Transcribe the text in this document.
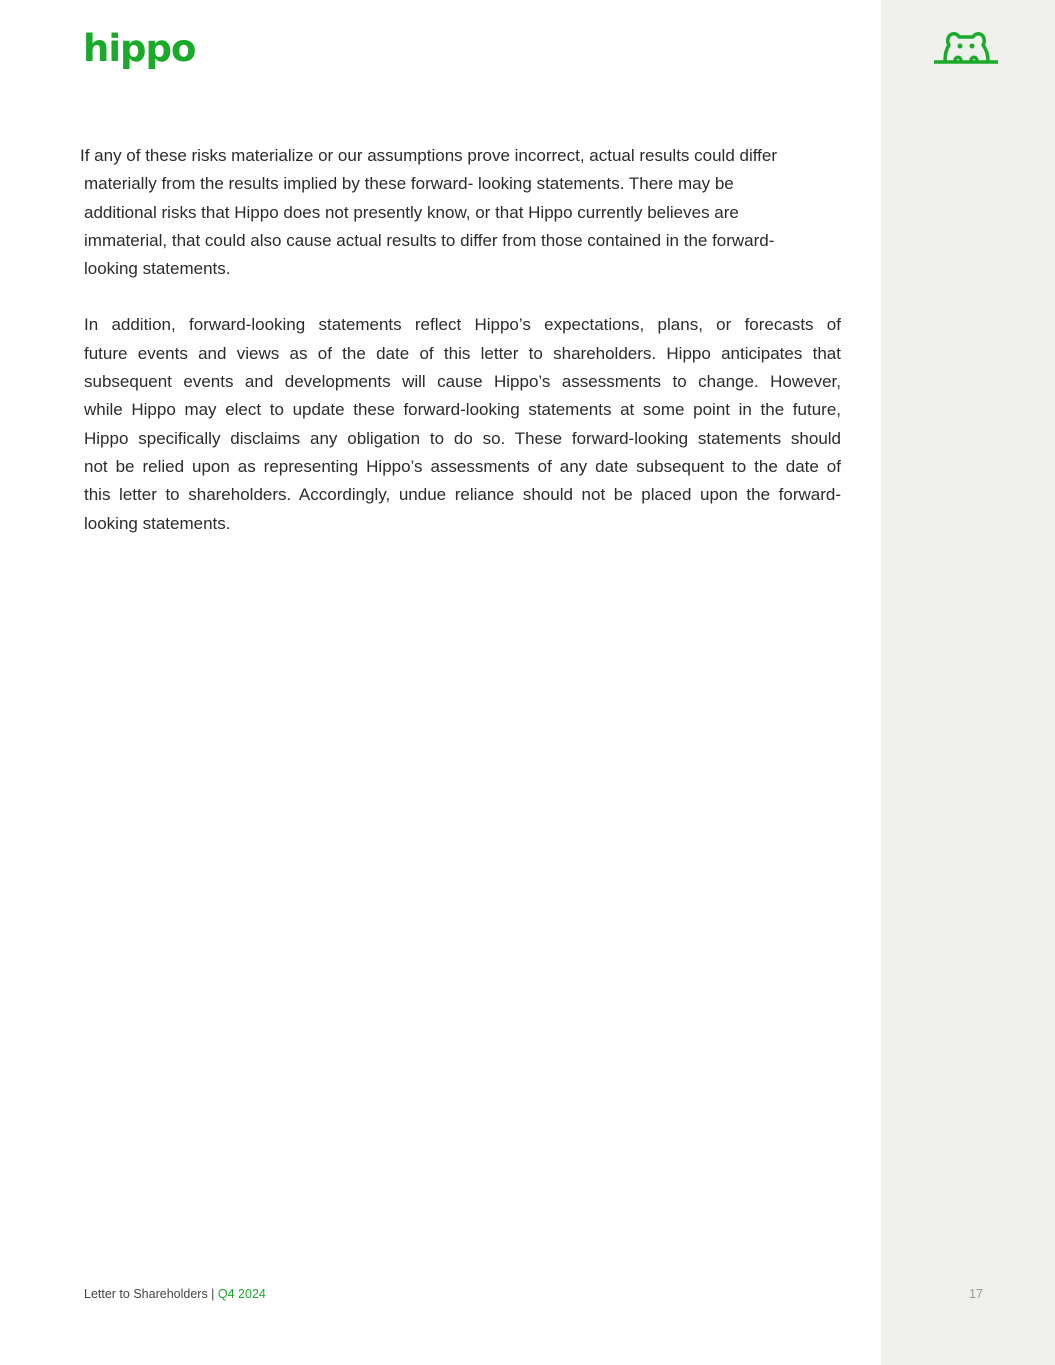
hippo
If any of these risks materialize or our assumptions prove incorrect, actual results could differ
materially from the results implied by these forward- looking statements. There may be
additional risks that Hippo does not presently know, or that Hippo currently believes are
immaterial, that could also cause actual results to differ from those contained in the forward-
looking statements.
In addition, forward-looking statements reflect Hippo’s expectations, plans, or forecasts of
future events and views as of the date of this letter to shareholders. Hippo anticipates that
subsequent events and developments will cause Hippo’s assessments to change. However,
while Hippo may elect to update these forward-looking statements at some point in the future,
Hippo specifically disclaims any obligation to do so. These forward-looking statements should
not be relied upon as representing Hippo’s assessments of any date subsequent to the date of
this letter to shareholders. Accordingly, undue reliance should not be placed upon the forward-
looking statements.
Letter to Shareholders | Q4 2024	17
